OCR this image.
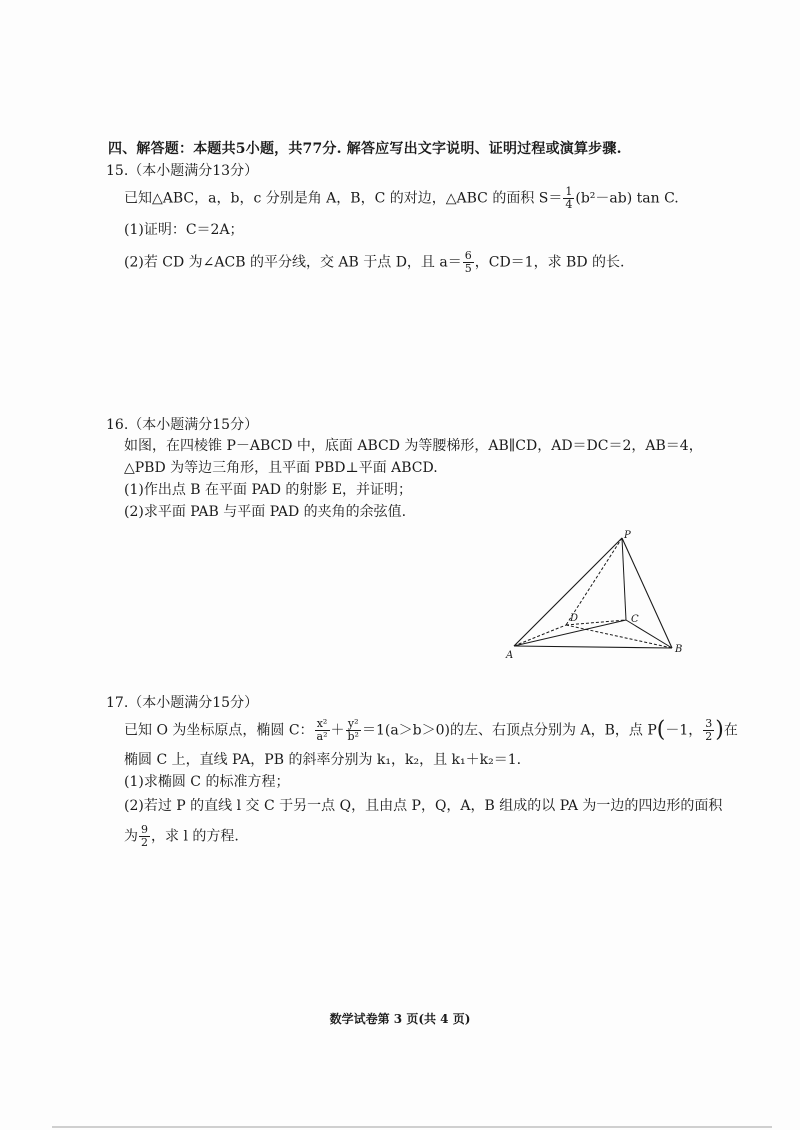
四、解答题：本题共5小题，共77分. 解答应写出文字说明、证明过程或演算步骤.
15.（本小题满分13分）
已知△ABC，a，b，c 分别是角 A，B，C 的对边，△ABC 的面积 $S= \frac{1}{4} (b^2-ab)$ tan C.
(1)证明：C＝2A；
(2)若 CD 为∠ACB 的平分线，交 AB 于点 D，且 $a= \frac{6}{5}$ ，CD＝1，求 BD 的长.
16.（本小题满分15分）
如图，在四棱锥 P－ABCD 中，底面 ABCD 为等腰梯形，AB∥CD，AD＝DC＝2，AB＝4，
△PBD 为等边三角形，且平面 PBD⊥平面 ABCD.
(1)作出点 B 在平面 PAD 的射影 E，并证明；
(2)求平面 PAB 与平面 PAD 的夹角的余弦值.
P
D	C
A
B
17.（本小题满分15分）
已知 O 为坐标原点，椭圆 C： $\frac{\text{x²}}{\text{a²}} + \frac{\text{y²}}{\text{b²}} =1(a>b>0)$的左、右顶点分别为 A，B，点 P(－1， $\frac{3}{2}$ )在
椭圆 C 上，直线 PA，PB 的斜率分别为 k₁，k₂，且 k₁＋k₂＝1.
(1)求椭圆 C 的标准方程；
(2)若过 P 的直线 l 交 C 于另一点 Q，且由点 P，Q，A，B 组成的以 PA 为一边的四边形的面积
为 $\frac{9}{2}$ ，求 l 的方程.
数学试卷第 3 页(共 4 页)
